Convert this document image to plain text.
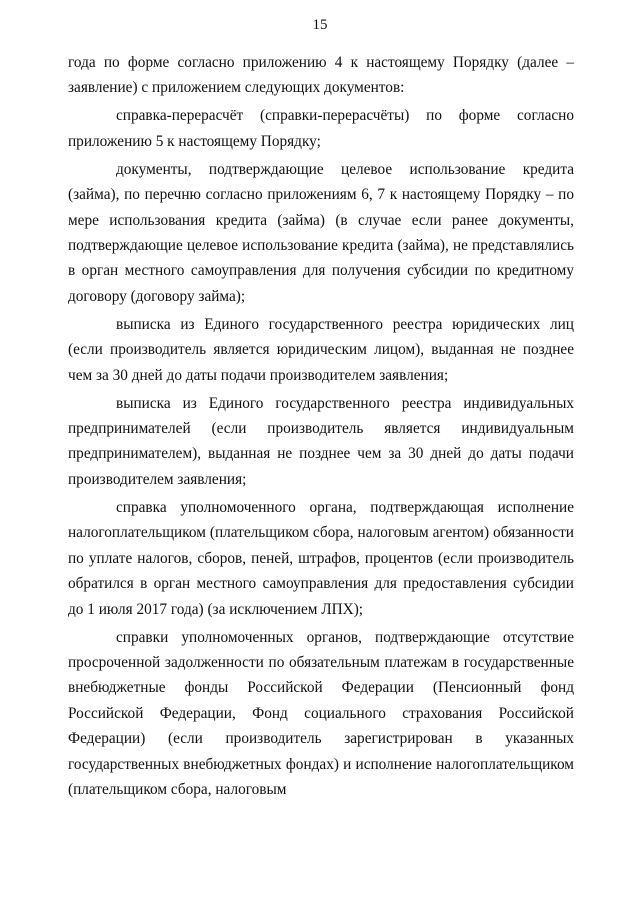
15

года по форме согласно приложению 4 к настоящему Порядку (далее – заявление) с приложением следующих документов:

справка-перерасчёт (справки-перерасчёты) по форме согласно приложению 5 к настоящему Порядку;

документы, подтверждающие целевое использование кредита (займа), по перечню согласно приложениям 6, 7 к настоящему Порядку – по мере использования кредита (займа) (в случае если ранее документы, подтверждающие целевое использование кредита (займа), не представлялись в орган местного самоуправления для получения субсидии по кредитному договору (договору займа);

выписка из Единого государственного реестра юридических лиц (если производитель является юридическим лицом), выданная не позднее чем за 30 дней до даты подачи производителем заявления;

выписка из Единого государственного реестра индивидуальных предпринимателей (если производитель является индивидуальным предпринимателем), выданная не позднее чем за 30 дней до даты подачи производителем заявления;

справка уполномоченного органа, подтверждающая исполнение налогоплательщиком (плательщиком сбора, налоговым агентом) обязанности по уплате налогов, сборов, пеней, штрафов, процентов (если производитель обратился в орган местного самоуправления для предоставления субсидии до 1 июля 2017 года) (за исключением ЛПХ);

справки уполномоченных органов, подтверждающие отсутствие просроченной задолженности по обязательным платежам в государственные внебюджетные фонды Российской Федерации (Пенсионный фонд Российской Федерации, Фонд социального страхования Российской Федерации) (если производитель зарегистрирован в указанных государственных внебюджетных фондах) и исполнение налогоплательщиком (плательщиком сбора, налоговым
